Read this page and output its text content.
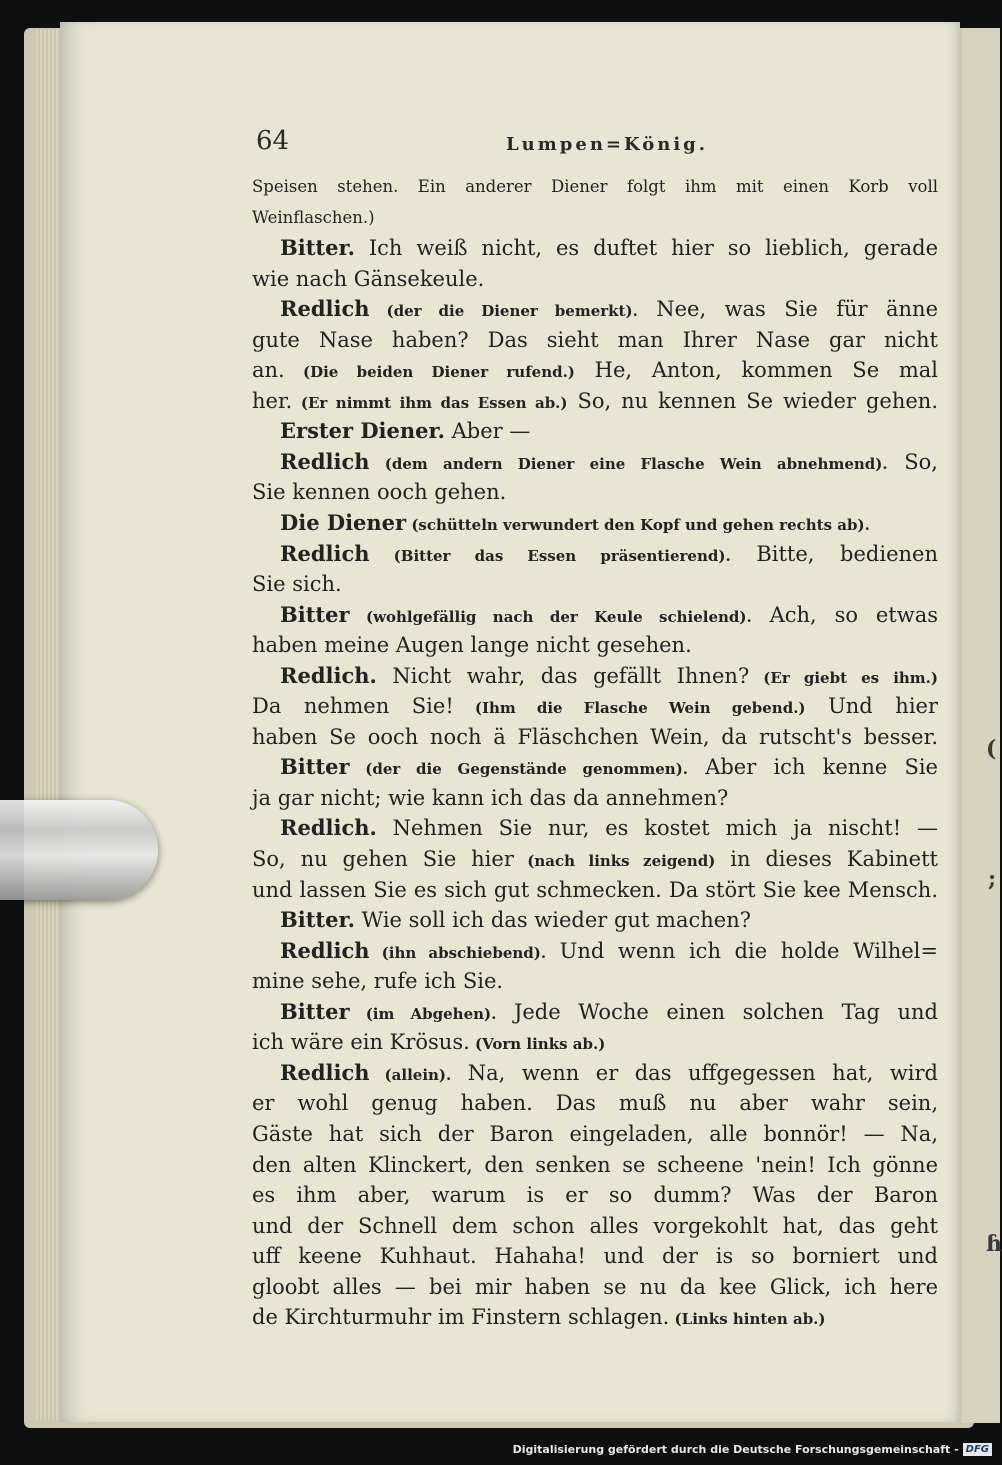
(
;
ɦ
64	Lumpen=König.
Speisen stehen. Ein anderer Diener folgt ihm mit einen Korb voll
Weinflaschen.)
Bitter. Ich weiß nicht, es duftet hier so lieblich, gerade
wie nach Gänsekeule.
Redlich (der die Diener bemerkt). Nee, was Sie für änne
gute Nase haben? Das sieht man Ihrer Nase gar nicht
an. (Die beiden Diener rufend.) He, Anton, kommen Se mal
her. (Er nimmt ihm das Essen ab.) So, nu kennen Se wieder gehen.
Erster Diener. Aber —
Redlich (dem andern Diener eine Flasche Wein abnehmend). So,
Sie kennen ooch gehen.
Die Diener (schütteln verwundert den Kopf und gehen rechts ab).
Redlich (Bitter das Essen präsentierend). Bitte, bedienen
Sie sich.
Bitter (wohlgefällig nach der Keule schielend). Ach, so etwas
haben meine Augen lange nicht gesehen.
Redlich. Nicht wahr, das gefällt Ihnen? (Er giebt es ihm.)
Da nehmen Sie! (Ihm die Flasche Wein gebend.) Und hier
haben Se ooch noch ä Fläschchen Wein, da rutscht's besser.
Bitter (der die Gegenstände genommen). Aber ich kenne Sie
ja gar nicht; wie kann ich das da annehmen?
Redlich. Nehmen Sie nur, es kostet mich ja nischt! —
So, nu gehen Sie hier (nach links zeigend) in dieses Kabinett
und lassen Sie es sich gut schmecken. Da stört Sie kee Mensch.
Bitter. Wie soll ich das wieder gut machen?
Redlich (ihn abschiebend). Und wenn ich die holde Wilhel=
mine sehe, rufe ich Sie.
Bitter (im Abgehen). Jede Woche einen solchen Tag und
ich wäre ein Krösus. (Vorn links ab.)
Redlich (allein). Na, wenn er das uffgegessen hat, wird
er wohl genug haben. Das muß nu aber wahr sein,
Gäste hat sich der Baron eingeladen, alle bonnör! — Na,
den alten Klinckert, den senken se scheene 'nein! Ich gönne
es ihm aber, warum is er so dumm? Was der Baron
und der Schnell dem schon alles vorgekohlt hat, das geht
uff keene Kuhhaut. Hahaha! und der is so borniert und
gloobt alles — bei mir haben se nu da kee Glick, ich here
de Kirchturmuhr im Finstern schlagen. (Links hinten ab.)
Digitalisierung gefördert durch die Deutsche Forschungsgemeinschaft - DFG
